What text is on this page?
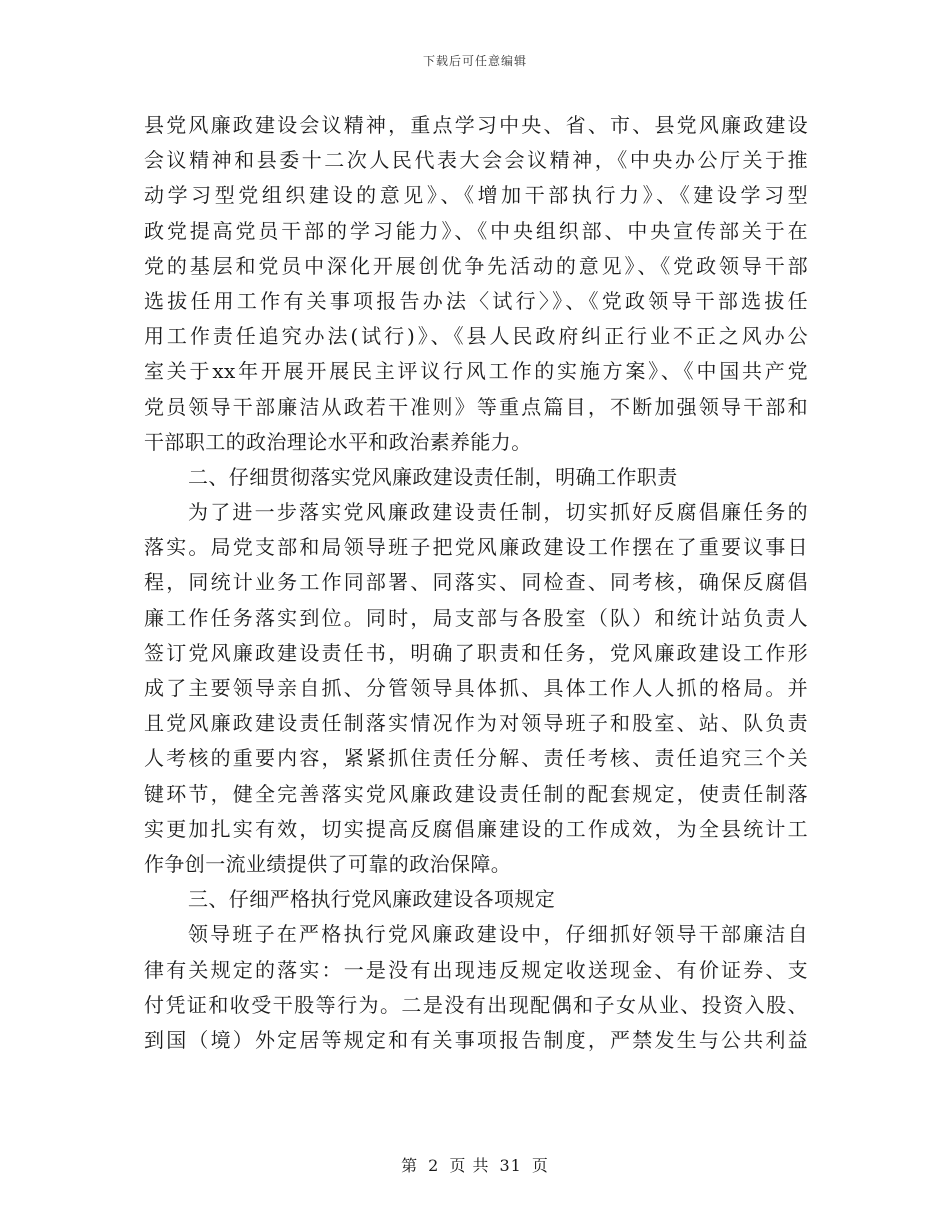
下载后可任意编辑
县党风廉政建设会议精神，重点学习中央、省、市、县党风廉政建设
会议精神和县委十二次人民代表大会会议精神，《中央办公厅关于推
动学习型党组织建设的意见》、《增加干部执行力》、《建设学习型
政党提高党员干部的学习能力》、《中央组织部、中央宣传部关于在
党的基层和党员中深化开展创优争先活动的意见》、《党政领导干部
选拔任用工作有关事项报告办法〈试行〉》、《党政领导干部选拔任
用工作责任追究办法(试行)》、《县人民政府纠正行业不正之风办公
室关于xx年开展开展民主评议行风工作的实施方案》、《中国共产党
党员领导干部廉洁从政若干准则》等重点篇目，不断加强领导干部和
干部职工的政治理论水平和政治素养能力。
二、仔细贯彻落实党风廉政建设责任制，明确工作职责
为了进一步落实党风廉政建设责任制，切实抓好反腐倡廉任务的
落实。局党支部和局领导班子把党风廉政建设工作摆在了重要议事日
程，同统计业务工作同部署、同落实、同检查、同考核，确保反腐倡
廉工作任务落实到位。同时，局支部与各股室（队）和统计站负责人
签订党风廉政建设责任书，明确了职责和任务，党风廉政建设工作形
成了主要领导亲自抓、分管领导具体抓、具体工作人人抓的格局。并
且党风廉政建设责任制落实情况作为对领导班子和股室、站、队负责
人考核的重要内容，紧紧抓住责任分解、责任考核、责任追究三个关
键环节，健全完善落实党风廉政建设责任制的配套规定，使责任制落
实更加扎实有效，切实提高反腐倡廉建设的工作成效，为全县统计工
作争创一流业绩提供了可靠的政治保障。
三、仔细严格执行党风廉政建设各项规定
领导班子在严格执行党风廉政建设中，仔细抓好领导干部廉洁自
律有关规定的落实：一是没有出现违反规定收送现金、有价证券、支
付凭证和收受干股等行为。二是没有出现配偶和子女从业、投资入股、
到国（境）外定居等规定和有关事项报告制度，严禁发生与公共利益
第 2 页 共 31 页
